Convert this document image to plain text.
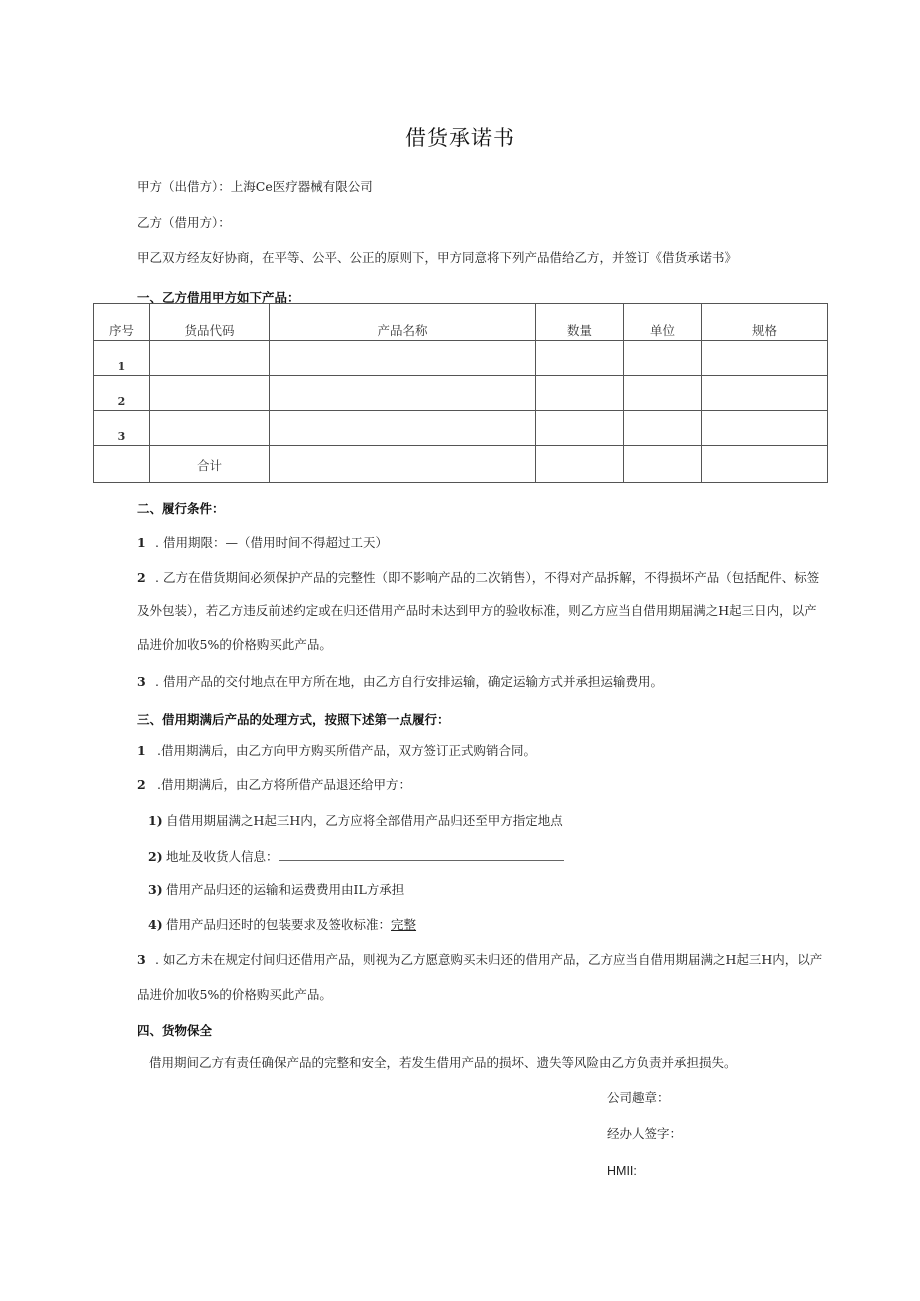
借货承诺书
甲方（出借方）：上海Ce医疗器械有限公司
乙方（借用方）：
甲乙双方经友好协商，在平等、公平、公正的原则下，甲方同意将下列产品借给乙方，并签订《借货承诺书》
一、乙方借用甲方如下产品：
序号	货品代码	产品名称	数量	单位	规格
1					
2					
3					
	合计				
二、履行条件：
1 . 借用期限：—（借用时间不得超过工天）
2 . 乙方在借货期间必须保护产品的完整性（即不影响产品的二次销售），不得对产品拆解，不得损坏产品（包括配件、标签
及外包装），若乙方违反前述约定或在归还借用产品时未达到甲方的验收标准，则乙方应当自借用期届满之H起三日内，以产
品进价加收5%的价格购买此产品。
3 . 借用产品的交付地点在甲方所在地，由乙方自行安排运输，确定运输方式并承担运输费用。
三、借用期满后产品的处理方式，按照下述第一点履行：
1 .借用期满后，由乙方向甲方购买所借产品，双方签订正式购销合同。
2 .借用期满后，由乙方将所借产品退还给甲方：
1) 自借用期届满之H起三H内，乙方应将全部借用产品归还至甲方指定地点
2) 地址及收货人信息：
3) 借用产品归还的运输和运费费用由IL方承担
4) 借用产品归还时的包装要求及签收标准：完整
3 . 如乙方未在规定付间归还借用产品，则视为乙方愿意购买未归还的借用产品，乙方应当自借用期届满之H起三H内，以产
品进价加收5%的价格购买此产品。
四、货物保全
借用期间乙方有责任确保产品的完整和安全，若发生借用产品的损坏、遗失等风险由乙方负责并承担损失。
公司趣章：
经办人签字：
HMII:
